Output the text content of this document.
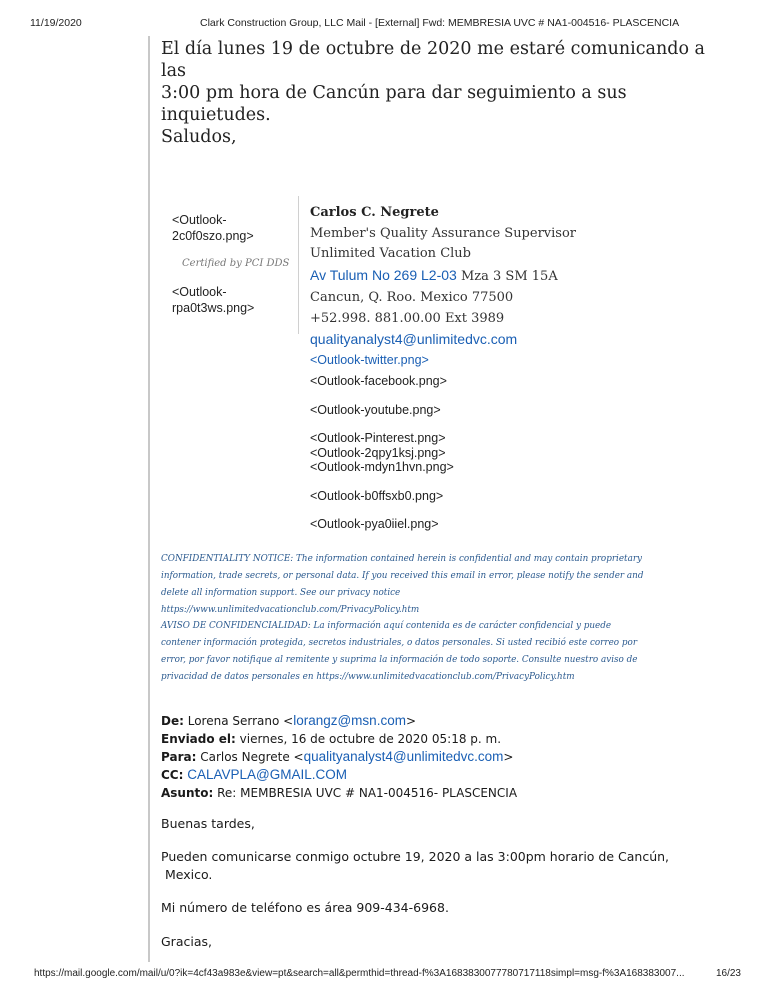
11/19/2020	Clark Construction Group, LLC Mail - [External] Fwd: MEMBRESIA UVC # NA1-004516- PLASCENCIA

El día lunes 19 de octubre de 2020 me estaré comunicando a las

3:00 pm hora de Cancún para dar seguimiento a sus

inquietudes.

Saludos,

<Outlook-2c0f0szo.png>
Certified by PCI DDS
<Outlook-rpa0t3ws.png>
Carlos C. Negrete
Member's Quality Assurance Supervisor
Unlimited Vacation Club
Av Tulum No 269 L2-03 Mza 3 SM 15A
Cancun, Q. Roo. Mexico 77500
+52.998. 881.00.00 Ext 3989
qualityanalyst4@unlimitedvc.com
<Outlook-twitter.png>
<Outlook-facebook.png>
<Outlook-youtube.png>
<Outlook-Pinterest.png>
<Outlook-2qpy1ksj.png>
<Outlook-mdyn1hvn.png>
<Outlook-b0ffsxb0.png>
<Outlook-pya0iiel.png>
CONFIDENTIALITY NOTICE: The information contained herein is confidential and may contain proprietary information, trade secrets, or personal data. If you received this email in error, please notify the sender and delete all information support. See our privacy notice https://www.unlimitedvacationclub.com/PrivacyPolicy.htm
AVISO DE CONFIDENCIALIDAD: La información aquí contenida es de carácter confidencial y puede contener información protegida, secretos industriales, o datos personales. Si usted recibió este correo por error, por favor notifique al remitente y suprima la información de todo soporte. Consulte nuestro aviso de privacidad de datos personales en https://www.unlimitedvacationclub.com/PrivacyPolicy.htm
De: Lorena Serrano <lorangz@msn.com>
Enviado el: viernes, 16 de octubre de 2020 05:18 p. m.
Para: Carlos Negrete <qualityanalyst4@unlimitedvc.com>
CC: CALAVPLA@GMAIL.COM
Asunto: Re: MEMBRESIA UVC # NA1-004516- PLASCENCIA
Buenas tardes,
Pueden comunicarse conmigo octubre 19, 2020 a las 3:00pm horario de Cancún,
Mexico.
Mi número de teléfono es área 909-434-6968.
Gracias,
https://mail.google.com/mail/u/0?ik=4cf43a983e&view=pt&search=all&permthid=thread-f%3A1683830077780717118simpl=msg-f%3A168383007...	16/23
